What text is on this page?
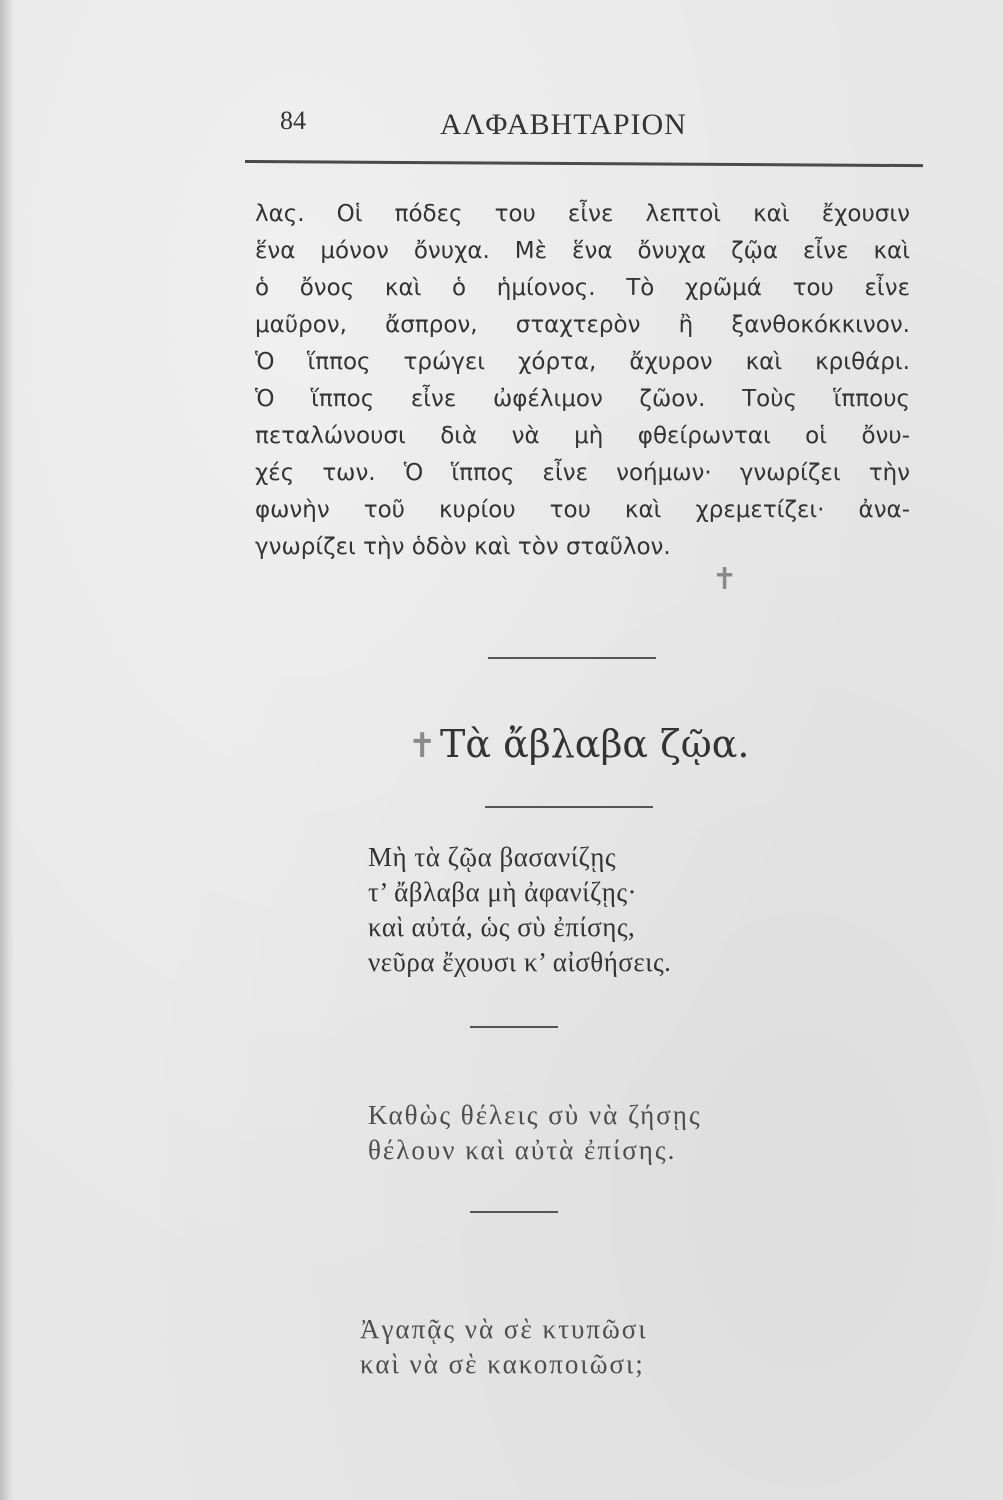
84	ΑΛΦΑΒΗΤΑΡΙΟΝ
λας. Οἱ πόδες του εἶνε λεπτοὶ καὶ ἔχουσιν
ἕνα μόνον ὄνυχα. Μὲ ἕνα ὄνυχα ζῷα εἶνε καὶ
ὁ ὄνος καὶ ὁ ἡμίονος. Τὸ χρῶμά του εἶνε
μαῦρον, ἄσπρον, σταχτερὸν ἢ ξανθοκόκκινον.
Ὁ ἵππος τρώγει χόρτα, ἄχυρον καὶ κριθάρι.
Ὁ ἵππος εἶνε ὠφέλιμον ζῶον. Τοὺς ἵππους
πεταλώνουσι διὰ νὰ μὴ φθείρωνται οἱ ὄνυ-
χές των. Ὁ ἵππος εἶνε νοήμων· γνωρίζει τὴν
φωνὴν τοῦ κυρίου του καὶ χρεμετίζει· ἀνα-
γνωρίζει τὴν ὁδὸν καὶ τὸν σταῦλον.
✝
✝ Τὰ ἄβλαβα ζῷα.
Μὴ τὰ ζῷα βασανίζῃς
τ’ ἄβλαβα μὴ ἀφανίζῃς·
καὶ αὐτά, ὡς σὺ ἐπίσης,
νεῦρα ἔχουσι κ’ αἰσθήσεις.
Καθὼς θέλεις σὺ νὰ ζήσῃς
θέλουν καὶ αὐτὰ ἐπίσης.
Ἀγαπᾷς νὰ σὲ κτυπῶσι
καὶ νὰ σὲ κακοποιῶσι;
